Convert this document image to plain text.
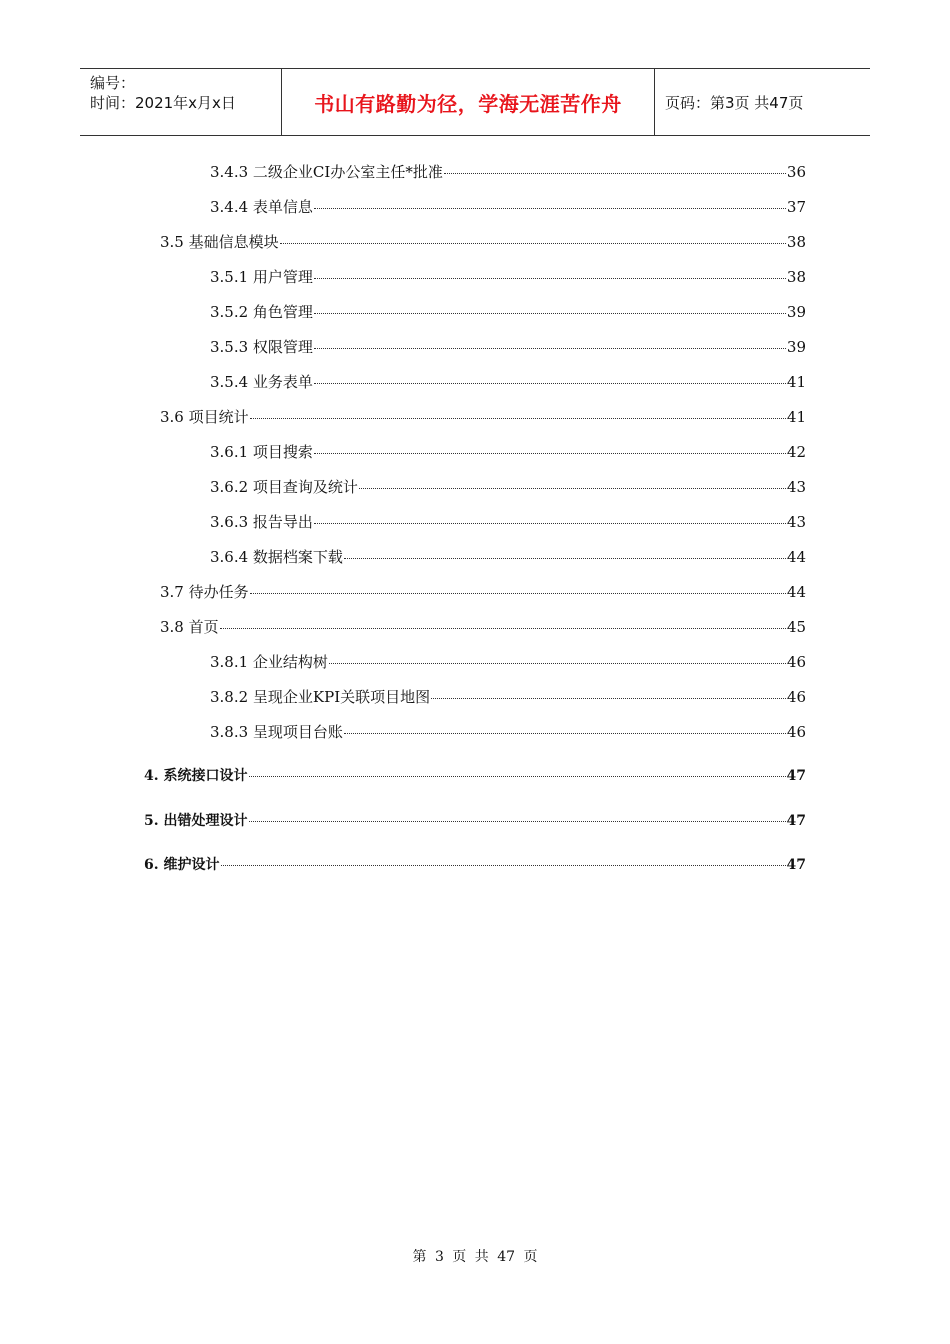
编号：
时间：2021年x月x日	书山有路勤为径，学海无涯苦作舟	页码：第3页 共47页
3.4.3 二级企业CI办公室主任*批准	36
3.4.4 表单信息	37
3.5 基础信息模块	38
3.5.1 用户管理	38
3.5.2 角色管理	39
3.5.3 权限管理	39
3.5.4 业务表单	41
3.6 项目统计	41
3.6.1 项目搜索	42
3.6.2 项目查询及统计	43
3.6.3 报告导出	43
3.6.4 数据档案下载	44
3.7 待办任务	44
3.8 首页	45
3.8.1 企业结构树	46
3.8.2 呈现企业KPI关联项目地图	46
3.8.3 呈现项目台账	46
4. 系统接口设计	47
5. 出错处理设计	47
6. 维护设计	47
第 3 页 共 47 页
